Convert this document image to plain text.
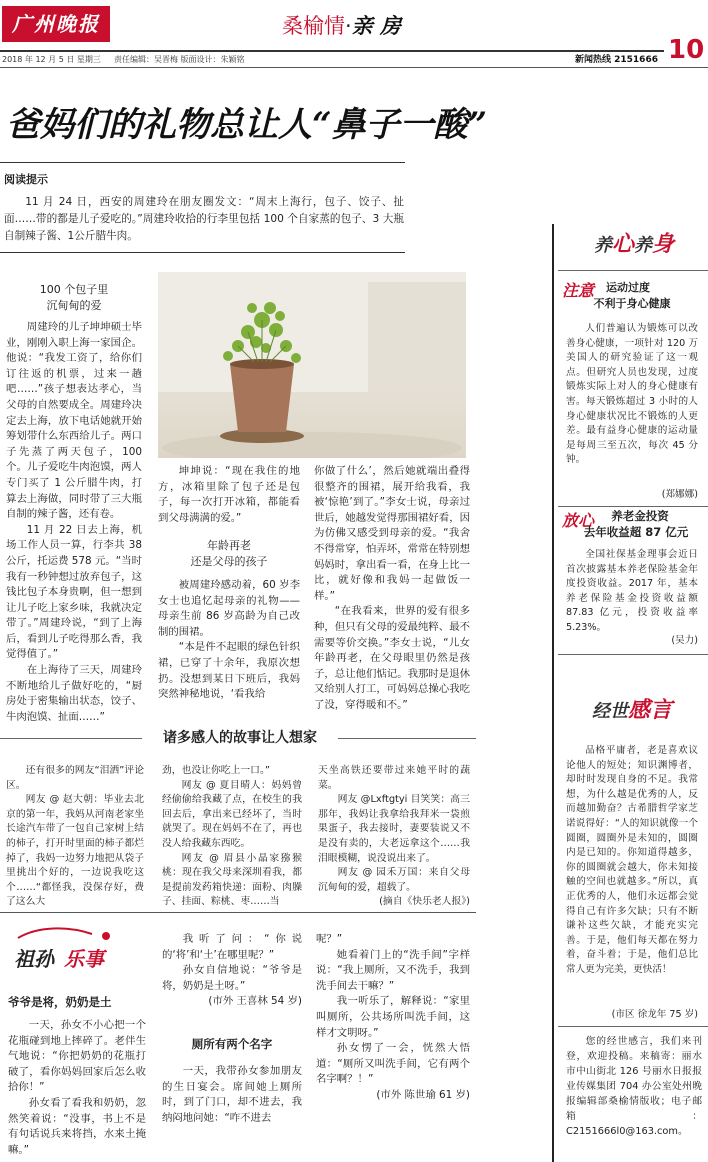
广州晚报	桑榆情·亲 房
10
2018 年 12 月 5 日 星期三	责任编辑：吴晋梅 版面设计：朱颖铭	新闻热线 2151666
爸妈们的礼物总让人“鼻子一酸”
阅读提示
11 月 24 日，西安的周建玲在朋友圈发文：“周末上海行，包子、饺子、扯面……带的都是儿子爱吃的。”周建玲收拾的行李里包括 100 个自家蒸的包子、3 大瓶自制辣子酱、1公斤腊牛肉。
100 个包子里
沉甸甸的爱

周建玲的儿子坤坤硕士毕业，刚刚入职上海一家国企。他说：“我发工资了，给你们订往返的机票，过来一趟吧……”孩子想表达孝心，当父母的自然要成全。周建玲决定去上海，放下电话她就开始筹划带什么东西给儿子。两口子先蒸了两天包子，100 个。儿子爱吃牛肉泡馍，两人专门买了 1 公斤腊牛肉，打算去上海做，同时带了三大瓶自制的辣子酱，还有卷。

11 月 22 日去上海，机场工作人员一算，行李共 38 公斤，托运费 578 元。“当时我有一秒钟想过放弃包子，这钱比包子本身贵啊，但一想到让儿子吃上家乡味，我就决定带了。”周建玲说，“到了上海后，看到儿子吃得那么香，我觉得值了。”

在上海待了三天，周建玲不断地给儿子做好吃的，“厨房处于密集输出状态，饺子、牛肉泡馍、扯面……”

坤坤说：“现在我住的地方，冰箱里除了包子还是包子，每一次打开冰箱，都能看到父母满满的爱。”

年龄再老
还是父母的孩子

被周建玲感动着，60 岁李女士也追忆起母亲的礼物——母亲生前 86 岁高龄为自己改制的围裙。

“本是件不起眼的绿色针织裙，已穿了十余年，我原次想扔。没想到某日下班后，我妈突然神秘地说，‘看我给

你做了什么’，然后她就端出叠得很整齐的围裙，展开给我看，我被‘惊艳’到了。”李女士说，母亲过世后，她越发觉得那围裙好看，因为仿佛又感受到母亲的爱。“我舍不得常穿，怕弄坏，常常在特别想妈妈时，拿出看一看，在身上比一比，就好像和我妈一起做饭一样。”

“在我看来，世界的爱有很多种，但只有父母的爱最纯粹、最不需要等价交换。”李女士说，“儿女年龄再老，在父母眼里仍然是孩子，总让他们惦记。我那时是退休又给别人打工，可妈妈总操心我吃了没，穿得暖和不。”

诸多感人的故事让人想家

还有很多的网友“泪洒”评论区。

网友 @ 赵大朝：毕业去北京的第一年，我妈从河南老家坐长途汽车带了一包自己家树上结的柿子，打开时里面的柿子都烂掉了，我妈一边努力地把从袋子里挑出个好的，一边说我吃这个……“都怪我，没保存好，费了这么大

劲，也没让你吃上一口。”

网友 @ 夏目晴人：妈妈曾经偷偷给我藏了点，在校生的我回去后，拿出来已经坏了，当时就哭了。现在妈妈不在了，再也没人给我藏东西吃。

网友 @ 眉县小晶家猕猴桃：现在我父母来深圳看我，都是提前发药箱快递：面粉、肉臊子、挂面、粽桃、枣……当

天坐高铁还要带过来她平时的蔬菜。

网友 @Lxftgtyi 目笑笑：高三那年，我妈让我拿给我拜米一袋煎果蛋子，我去接时，妻要装说又不是没有卖的，大老远拿这个……我泪眼模糊，说没说出来了。

网友 @ 园禾万国：来自父母沉甸甸的爱，超载了。

(摘自《快乐老人报》)

祖孙 乐事
爷爷是将，奶奶是土

一天，孙女不小心把一个花瓶碰到地上摔碎了。老伴生气地说：“你把奶奶的花瓶打破了，看你妈妈回家后怎么收拾你！”

孙女看了看我和奶奶，忽然笑着说：“没事，书上不是有句话说兵来将挡，水来土掩嘛。”

我听了问：“你说的‘将’和‘土’在哪里呢？”

孙女自信地说：“爷爷是将，奶奶是土呀。”

(市外 王喜林 54 岁)

厕所有两个名字

一天，我带孙女参加朋友的生日宴会。席间她上厕所时，到了门口，却不进去，我纳闷地问她：“咋不进去

呢？”

她看着门上的“洗手间”字样说：“我上厕所，又不洗手，我到洗手间去干嘛？”

我一听乐了，解释说：“家里叫厕所，公共场所叫洗手间，这样才文明呀。”

孙女愣了一会，恍然大悟道：“厕所又叫洗手间，它有两个名字啊？！”

(市外 陈世瑜 61 岁)

养心养身
注意	运动过度
不利于身心健康
人们普遍认为锻炼可以改善身心健康，一项针对 120 万美国人的研究验证了这一观点。但研究人员也发现，过度锻炼实际上对人的身心健康有害。每天锻炼超过 3 小时的人身心健康状况比不锻炼的人更差。最有益身心健康的运动量是每周三至五次，每次 45 分钟。
(郑娜娜)
放心	养老金投资
去年收益超 87 亿元
全国社保基金理事会近日首次披露基本养老保险基金年度投资收益。2017 年，基本养老保险基金投资收益额 87.83 亿元，投资收益率 5.23%。
(吴力)
经世感言
品格平庸者，老是喜欢议论他人的短处；知识渊博者，却时时发现自身的不足。我常想，为什么越是优秀的人，反而越加勤奋？古希腊哲学家芝诺说得好：“人的知识就像一个圆圈，圆圈外是未知的，圆圈内是已知的。你知道得越多，你的圆圈就会越大，你未知接触的空间也就越多。”所以，真正优秀的人，他们永远都会觉得自己有许多欠缺；只有不断谦补这些欠缺，才能充实完善。于是，他们每天都在努力着，奋斗着；于是，他们总比常人更为完美，更快活！
(市区 徐龙年 75 岁)
您的经世感言，我们来刊登，欢迎投稿。来稿寄：丽水市中山街北 126 号丽水日报报业传媒集团 704 办公室处州晚报编辑部桑榆情版收；电子邮箱：C2151666l0@163.com。
